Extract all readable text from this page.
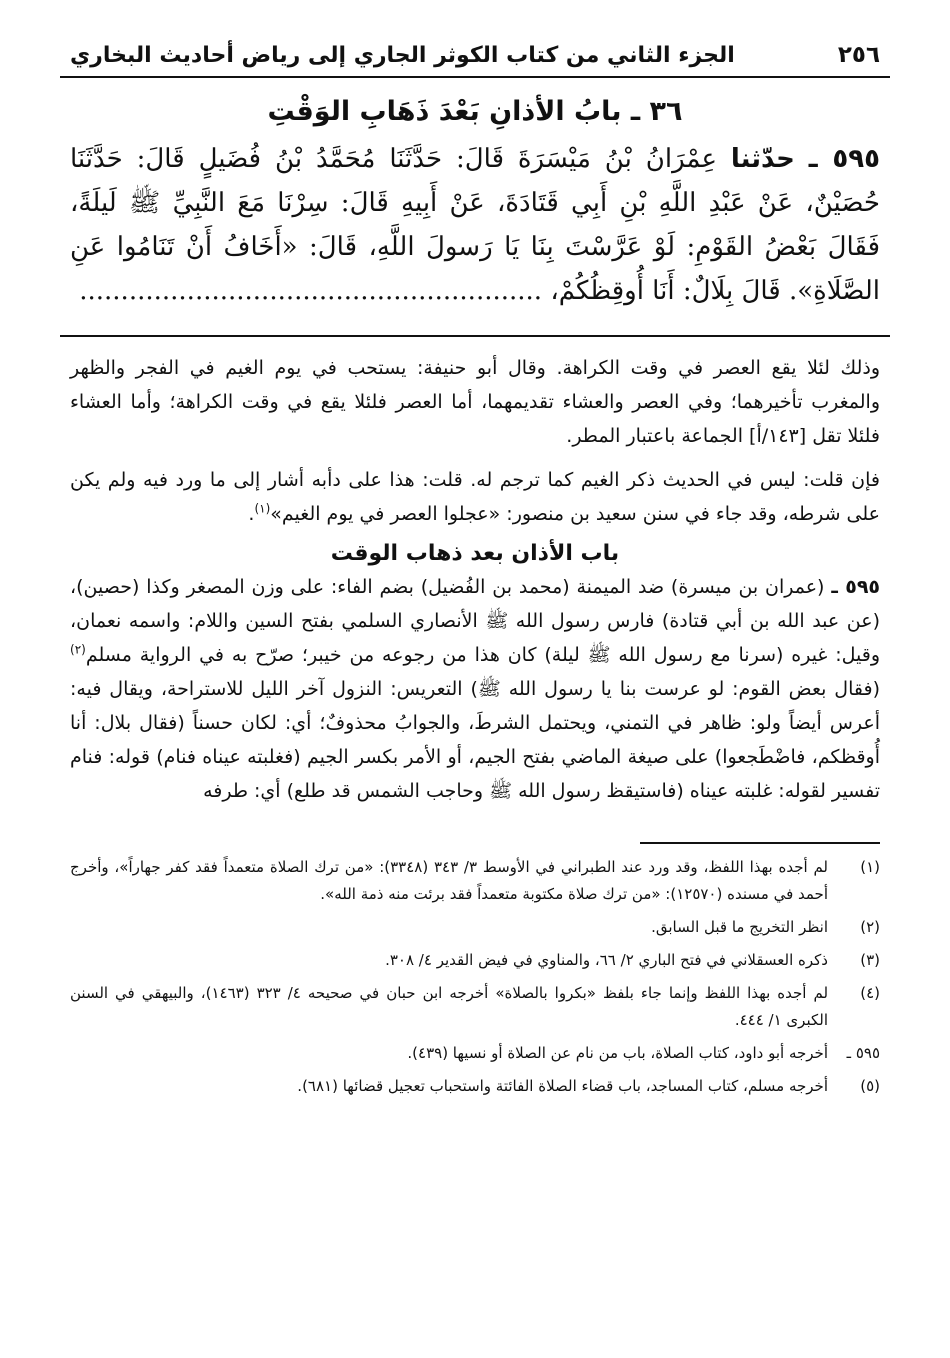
٢٥٦
الجزء الثاني من كتاب الكوثر الجاري إلى رياض أحاديث البخاري
٣٦ ـ بابُ الأذانِ بَعْدَ ذَهَابِ الوَقْتِ

٥٩٥ ـ حدّثنا عِمْرَانُ بْنُ مَيْسَرَةَ قَالَ: حَدَّثَنَا مُحَمَّدُ بْنُ فُضَيلٍ قَالَ: حَدَّثَنَا حُصَيْنٌ، عَنْ عَبْدِ اللَّهِ بْنِ أَبِي قَتَادَةَ، عَنْ أَبِيهِ قَالَ: سِرْنَا مَعَ النَّبِيِّ ﷺ لَيلَةً، فَقَالَ بَعْضُ القَوْمِ: لَوْ عَرَّسْتَ بِنَا يَا رَسولَ اللَّهِ، قَالَ: «أَخَافُ أَنْ تَنَامُوا عَنِ الصَّلَاةِ». قَالَ بِلَالٌ: أَنَا أُوقِظُكُمْ، ........................................................

وذلك لئلا يقع العصر في وقت الكراهة. وقال أبو حنيفة: يستحب في يوم الغيم في الفجر والظهر والمغرب تأخيرهما؛ وفي العصر والعشاء تقديمهما، أما العصر فلئلا يقع في وقت الكراهة؛ وأما العشاء فلئلا تقل [١٤٣/أ] الجماعة باعتبار المطر.

فإن قلت: ليس في الحديث ذكر الغيم كما ترجم له. قلت: هذا على دأبه أشار إلى ما ورد فيه ولم يكن على شرطه، وقد جاء في سنن سعيد بن منصور: «عجلوا العصر في يوم الغيم»$^{(١)}$.

باب الأذان بعد ذهاب الوقت

٥٩٥ ـ (عمران بن ميسرة) ضد الميمنة (محمد بن الفُضيل) بضم الفاء: على وزن المصغر وكذا (حصين)، (عن عبد الله بن أبي قتادة) فارس رسول الله ﷺ الأنصاري السلمي بفتح السين واللام: واسمه نعمان، وقيل: غيره (سرنا مع رسول الله ﷺ ليلة) كان هذا من رجوعه من خيبر؛ صرّح به في الرواية مسلم$^{(٢)}$ (فقال بعض القوم: لو عرست بنا يا رسول الله ﷺ) التعريس: النزول آخر الليل للاستراحة، ويقال فيه: أعرس أيضاً ولو: ظاهر في التمني، ويحتمل الشرطَ، والجوابُ محذوفٌ؛ أي: لكان حسناً (فقال بلال: أنا أُوقظكم، فاضْطَجعوا) على صيغة الماضي بفتح الجيم، أو الأمر بكسر الجيم (فغلبته عيناه فنام) قوله: فنام تفسير لقوله: غلبته عيناه (فاستيقظ رسول الله ﷺ وحاجب الشمس قد طلع) أي: طرفه

(١)
لم أجده بهذا اللفظ، وقد ورد عند الطبراني في الأوسط ٣/ ٣٤٣ (٣٣٤٨): «من ترك الصلاة متعمداً فقد كفر جهاراً»، وأخرج أحمد في مسنده (١٢٥٧٠): «من ترك صلاة مكتوبة متعمداً فقد برئت منه ذمة الله».
(٢)
انظر التخريج ما قبل السابق.
(٣)
ذكره العسقلاني في فتح الباري ٢/ ٦٦، والمناوي في فيض القدير ٤/ ٣٠٨.
(٤)
لم أجده بهذا اللفظ وإنما جاء بلفظ «بكروا بالصلاة» أخرجه ابن حبان في صحيحه ٤/ ٣٢٣ (١٤٦٣)، والبيهقي في السنن الكبرى ١/ ٤٤٤.
٥٩٥ ـ
أخرجه أبو داود، كتاب الصلاة، باب من نام عن الصلاة أو نسيها (٤٣٩).
(٥)
أخرجه مسلم، كتاب المساجد، باب قضاء الصلاة الفائتة واستحباب تعجيل قضائها (٦٨١).
